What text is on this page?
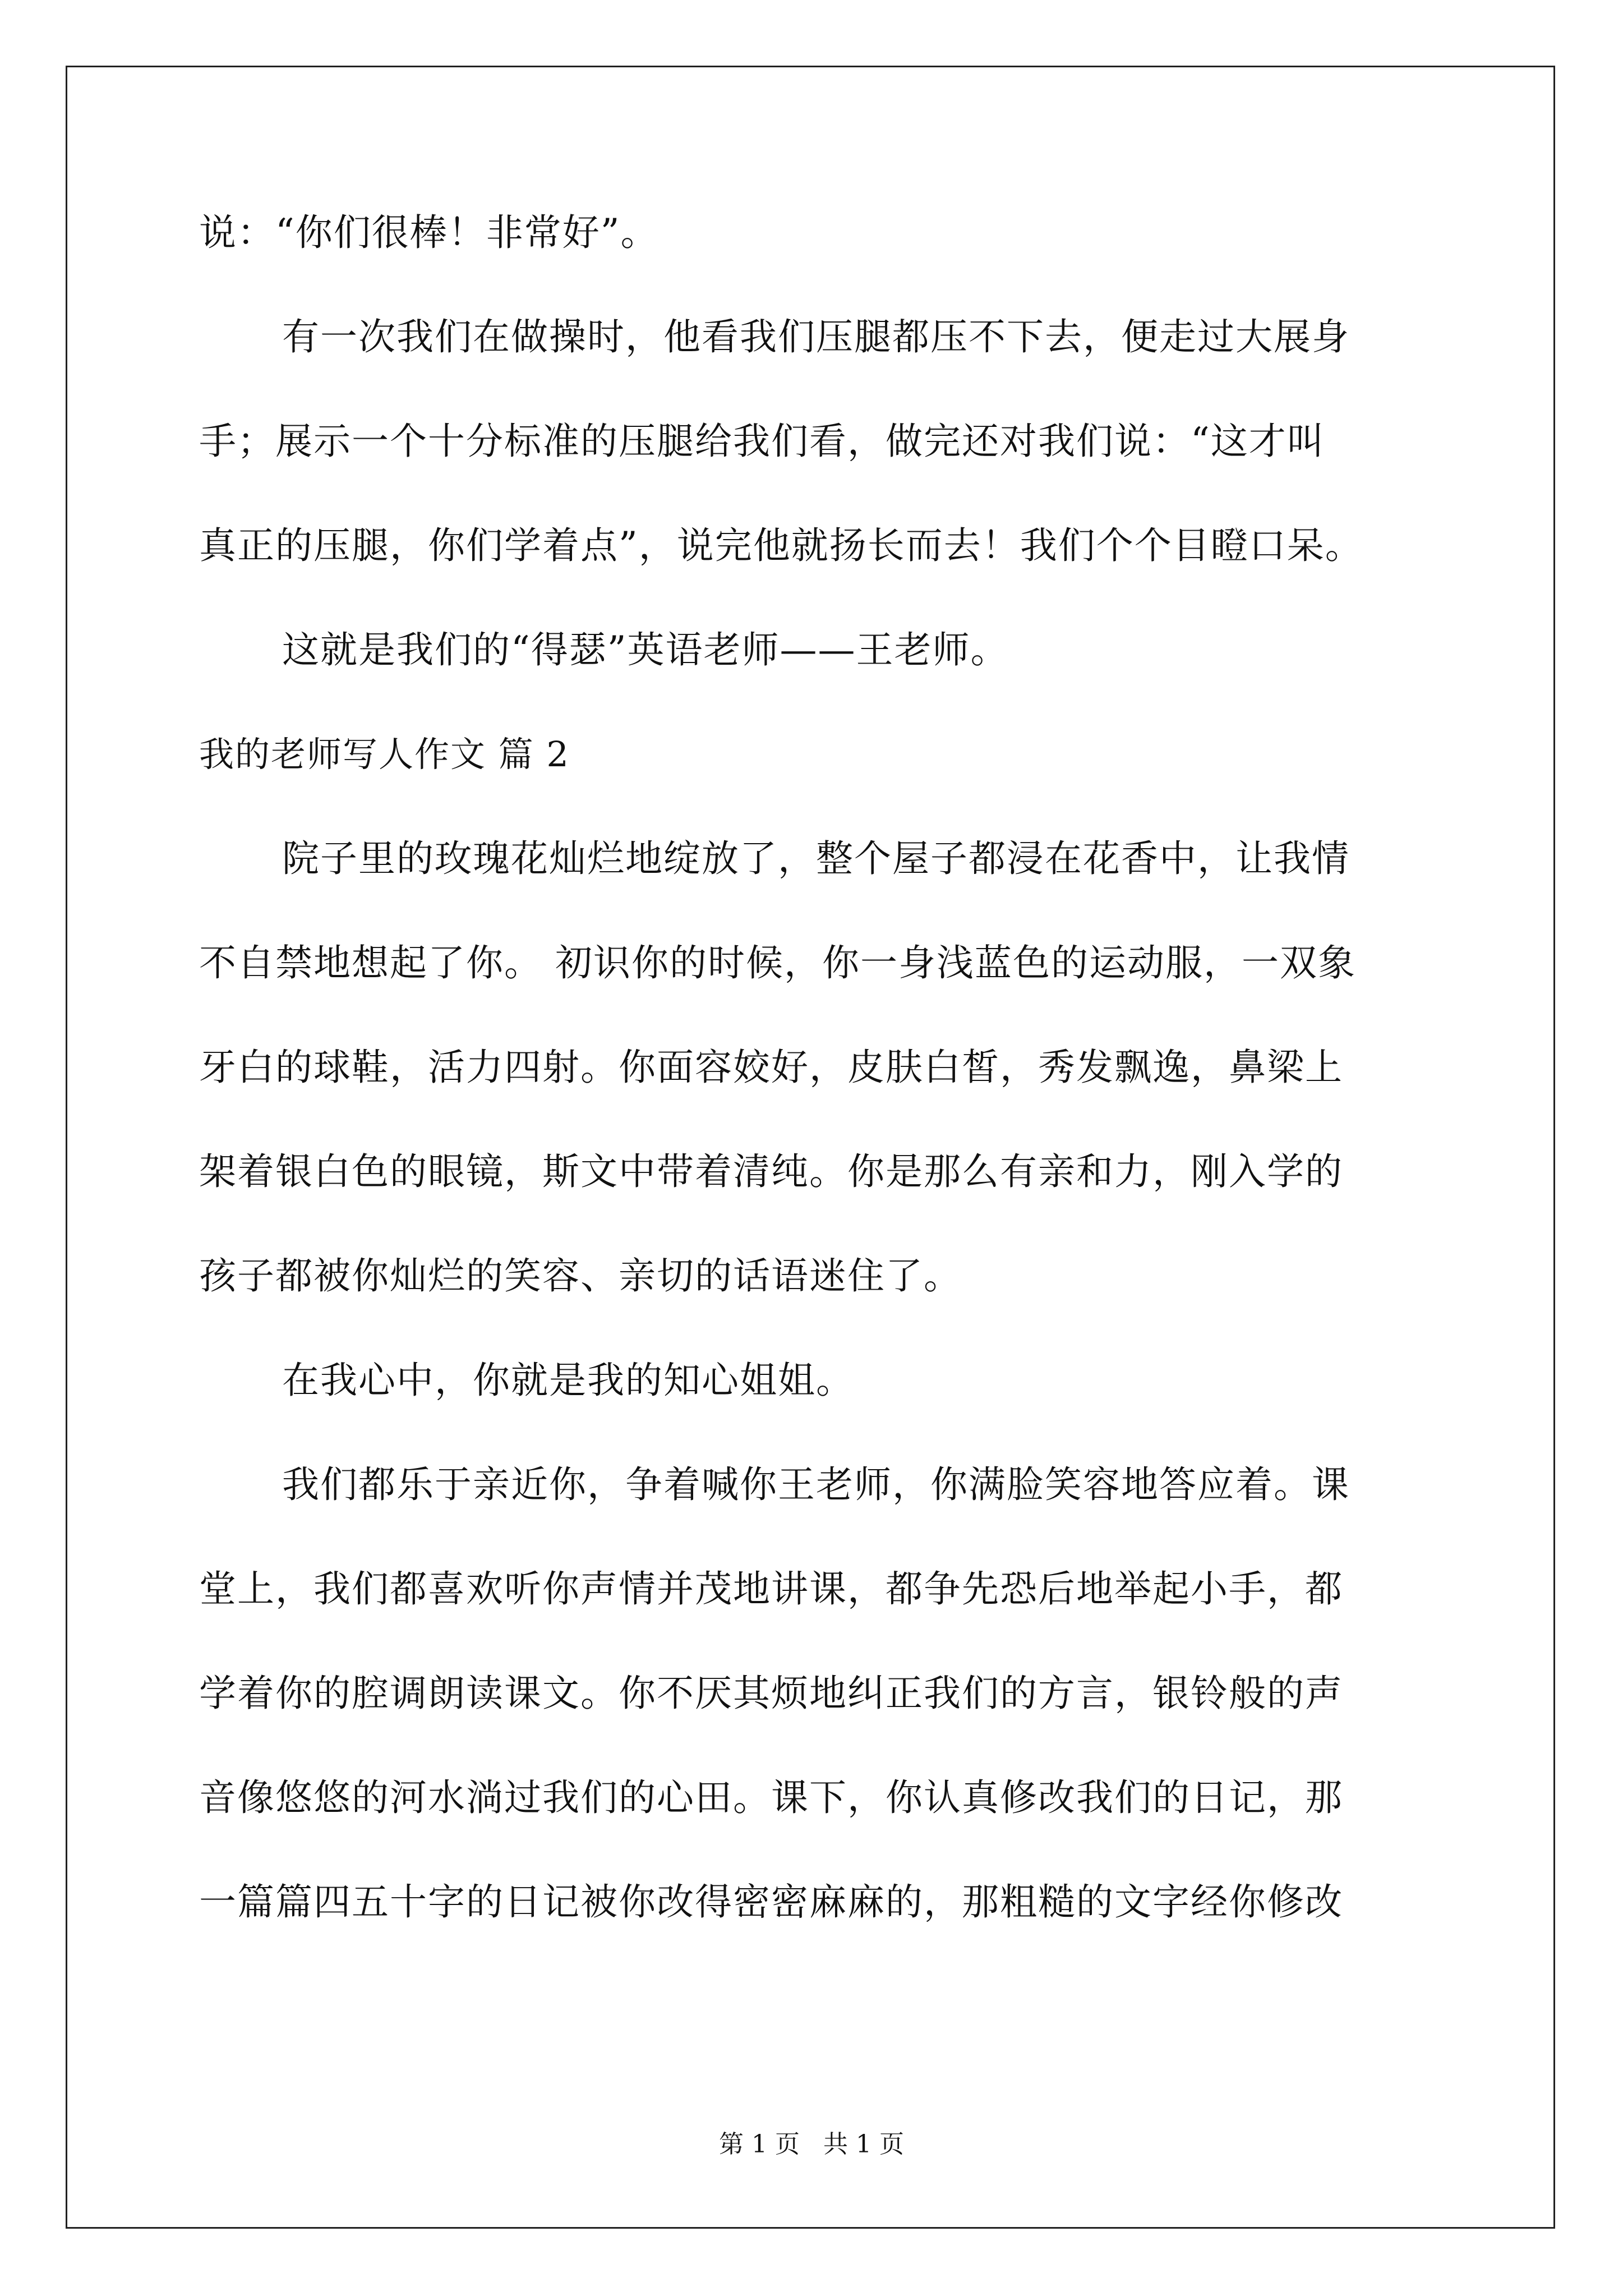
说：“你们很棒！非常好”。

有一次我们在做操时，他看我们压腿都压不下去，便走过大展身

手；展示一个十分标准的压腿给我们看，做完还对我们说：“这才叫

真正的压腿，你们学着点”，说完他就扬长而去！我们个个目瞪口呆。

这就是我们的“得瑟”英语老师——王老师。

我的老师写人作文 篇 2

院子里的玫瑰花灿烂地绽放了，整个屋子都浸在花香中，让我情

不自禁地想起了你。 初识你的时候，你一身浅蓝色的运动服，一双象

牙白的球鞋，活力四射。你面容姣好，皮肤白皙，秀发飘逸，鼻梁上

架着银白色的眼镜，斯文中带着清纯。你是那么有亲和力，刚入学的

孩子都被你灿烂的笑容、亲切的话语迷住了。

在我心中，你就是我的知心姐姐。

我们都乐于亲近你，争着喊你王老师，你满脸笑容地答应着。课

堂上，我们都喜欢听你声情并茂地讲课，都争先恐后地举起小手，都

学着你的腔调朗读课文。你不厌其烦地纠正我们的方言，银铃般的声

音像悠悠的河水淌过我们的心田。课下，你认真修改我们的日记，那

一篇篇四五十字的日记被你改得密密麻麻的，那粗糙的文字经你修改

第 1 页   共 1 页
